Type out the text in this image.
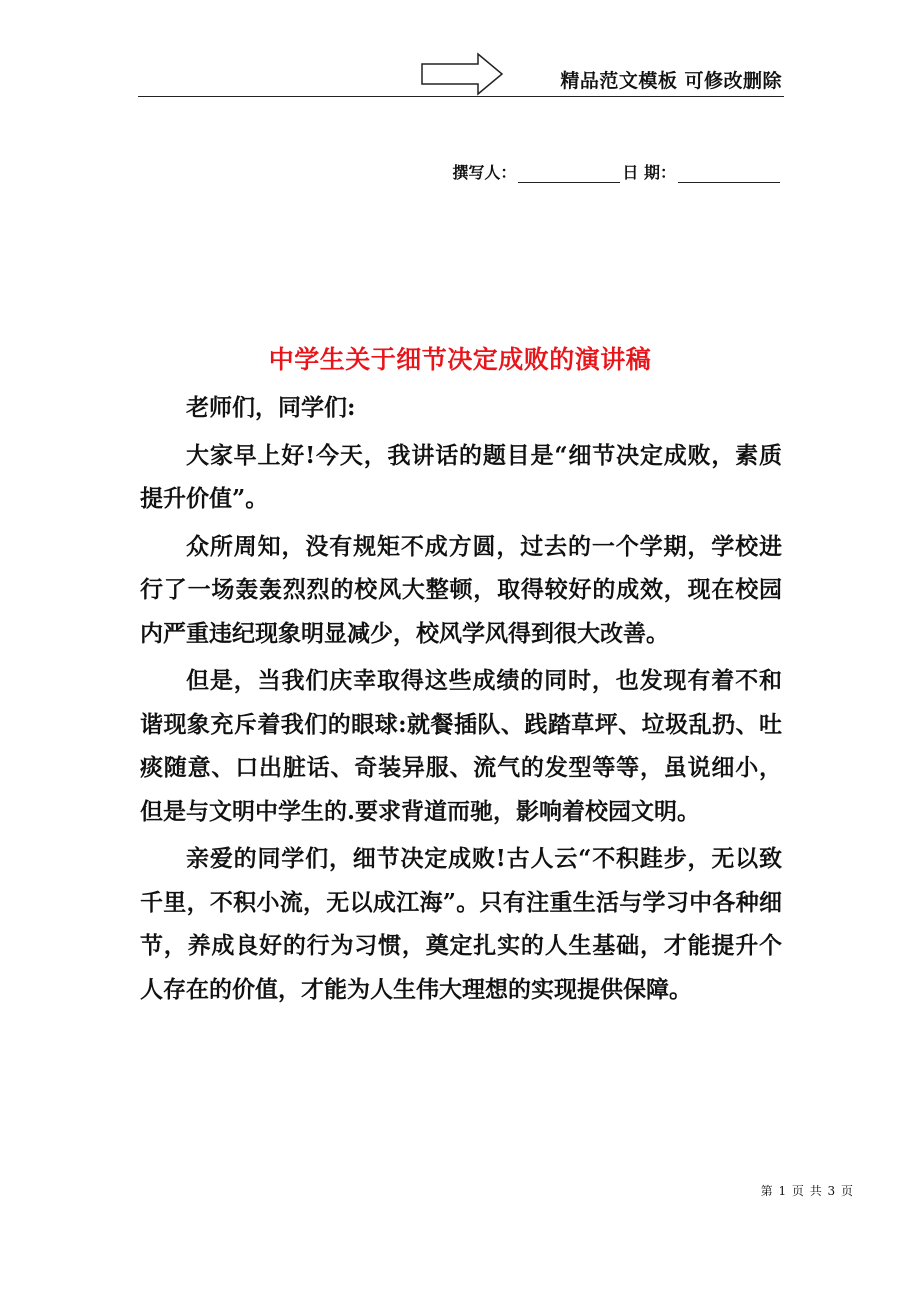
精品范文模板 可修改删除
撰写人：	日 期：
中学生关于细节决定成败的演讲稿

老师们，同学们:

大家早上好!今天，我讲话的题目是“细节决定成败，素质提升价值”。

众所周知，没有规矩不成方圆，过去的一个学期，学校进行了一场轰轰烈烈的校风大整顿，取得较好的成效，现在校园内严重违纪现象明显减少，校风学风得到很大改善。

但是，当我们庆幸取得这些成绩的同时，也发现有着不和谐现象充斥着我们的眼球:就餐插队、践踏草坪、垃圾乱扔、吐痰随意、口出脏话、奇装异服、流气的发型等等，虽说细小，但是与文明中学生的.要求背道而驰，影响着校园文明。

亲爱的同学们，细节决定成败!古人云“不积跬步，无以致千里，不积小流，无以成江海”。只有注重生活与学习中各种细节，养成良好的行为习惯，奠定扎实的人生基础，才能提升个人存在的价值，才能为人生伟大理想的实现提供保障。

第 1 页 共 3 页
